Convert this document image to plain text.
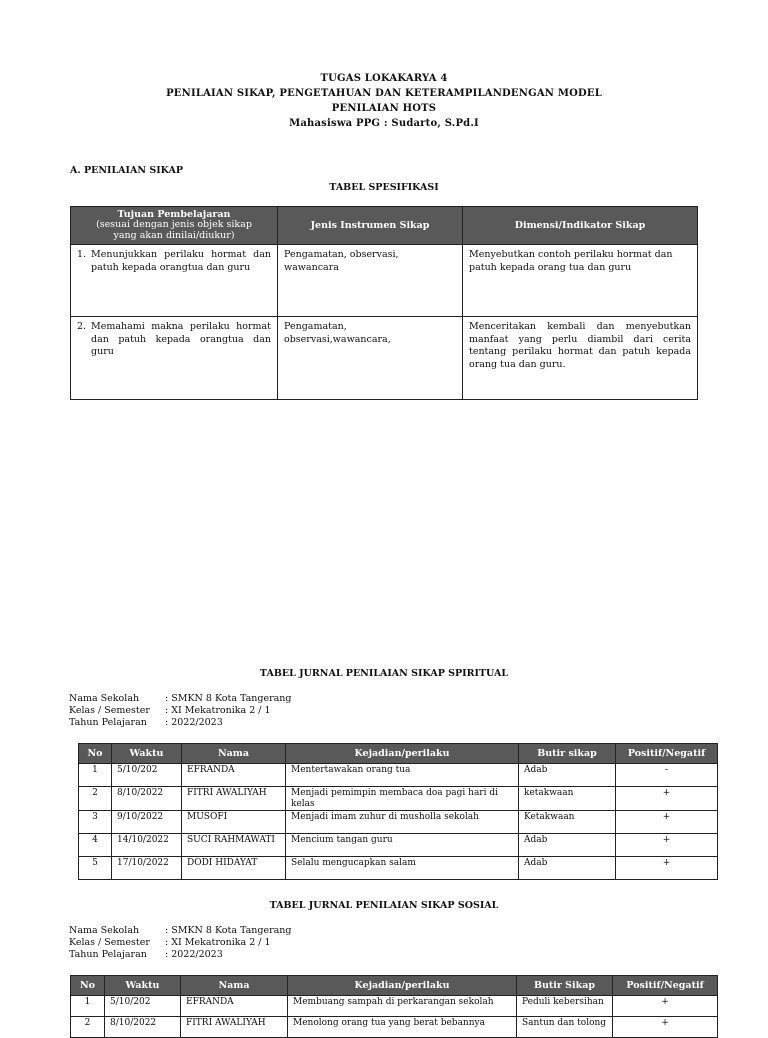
TUGAS LOKAKARYA 4
PENILAIAN SIKAP, PENGETAHUAN DAN KETERAMPILANDENGAN MODEL
PENILAIAN HOTS
Mahasiswa PPG : Sudarto, S.Pd.I
A. PENILAIAN SIKAP
TABEL SPESIFIKASI
Tujuan Pembelajaran
(sesuai dengan jenis objek sikap
yang akan dinilai/diukur)	Jenis Instrumen Sikap	Dimensi/Indikator Sikap

1. Menunjukkan perilaku hormat dan patuh kepada orangtua dan guru	Pengamatan, observasi, wawancara	Menyebutkan contoh perilaku hormat dan patuh kepada orang tua dan guru

2. Memahami makna perilaku hormat dan patuh kepada orangtua dan guru	Pengamatan, observasi,wawancara,	Menceritakan kembali dan menyebutkan manfaat yang perlu diambil dari cerita tentang perilaku hormat dan patuh kepada orang tua dan guru.
TABEL JURNAL PENILAIAN SIKAP SPIRITUAL
Nama Sekolah	: SMKN 8 Kota Tangerang
Kelas / Semester	: XI Mekatronika 2 / 1
Tahun Pelajaran	: 2022/2023
No	Waktu	Nama	Kejadian/perilaku	Butir sikap	Positif/Negatif
1	5/10/202	EFRANDA	Mentertawakan orang tua	Adab	-
2	8/10/2022	FITRI AWALIYAH	Menjadi pemimpin membaca doa pagi hari di kelas	ketakwaan	+
3	9/10/2022	MUSOFI	Menjadi imam zuhur di musholla sekolah	Ketakwaan	+
4	14/10/2022	SUCI RAHMAWATI	Mencium tangan guru	Adab	+
5	17/10/2022	DODI HIDAYAT	Selalu mengucapkan salam	Adab	+
TABEL JURNAL PENILAIAN SIKAP SOSIAL
Nama Sekolah	: SMKN 8 Kota Tangerang
Kelas / Semester	: XI Mekatronika 2 / 1
Tahun Pelajaran	: 2022/2023
No	Waktu	Nama	Kejadian/perilaku	Butir Sikap	Positif/Negatif
1	5/10/202	EFRANDA	Membuang sampah di perkarangan sekolah	Peduli kebersihan	+
2	8/10/2022	FITRI AWALIYAH	Menolong orang tua yang berat bebannya	Santun dan tolong	+
